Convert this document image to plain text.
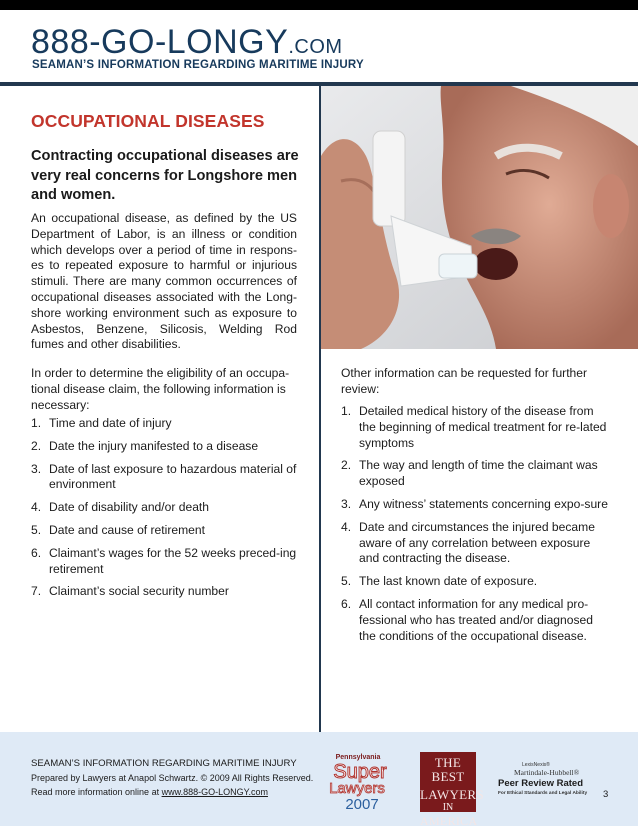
888-GO-LONGY.COM
SEAMAN’S INFORMATION REGARDING MARITIME INJURY
OCCUPATIONAL DISEASES
Contracting occupational diseases are very real concerns for Longshore men and women.
An occupational disease, as defined by the US Department of Labor, is an illness or condition which develops over a period of time in respons-es to repeated exposure to harmful or injurious stimuli. There are many common occurrences of occupational diseases associated with the Long-shore working environment such as exposure to Asbestos, Benzene, Silicosis, Welding Rod fumes and other disabilities.
In order to determine the eligibility of an occupa-tional disease claim, the following information is necessary:
1. Time and date of injury
2. Date the injury manifested to a disease
3. Date of last exposure to hazardous material of environment
4. Date of disability and/or death
5. Date and cause of retirement
6. Claimant’s wages for the 52 weeks preced-ing retirement
7. Claimant’s social security number
Other information can be requested for further review:
1. Detailed medical history of the disease from the beginning of medical treatment for re-lated symptoms
2. The way and length of time the claimant was exposed
3. Any witness’ statements concerning expo-sure
4. Date and circumstances the injured became aware of any correlation between exposure and contracting the disease.
5. The last known date of exposure.
6. All contact information for any medical pro-fessional who has treated and/or diagnosed the conditions of the occupational disease.
SEAMAN’S INFORMATION REGARDING MARITIME INJURY
Prepared by Lawyers at Anapol Schwartz. © 2009 All Rights Reserved.
Read more information online at www.888-GO-LONGY.com
Pennsylvania
Super
Lawyers
2007
THE BEST
LAWYERS
IN
AMERICA
LexisNexis®
Martindale-Hubbell®
Peer Review Rated
For Ethical Standards and Legal Ability 3
